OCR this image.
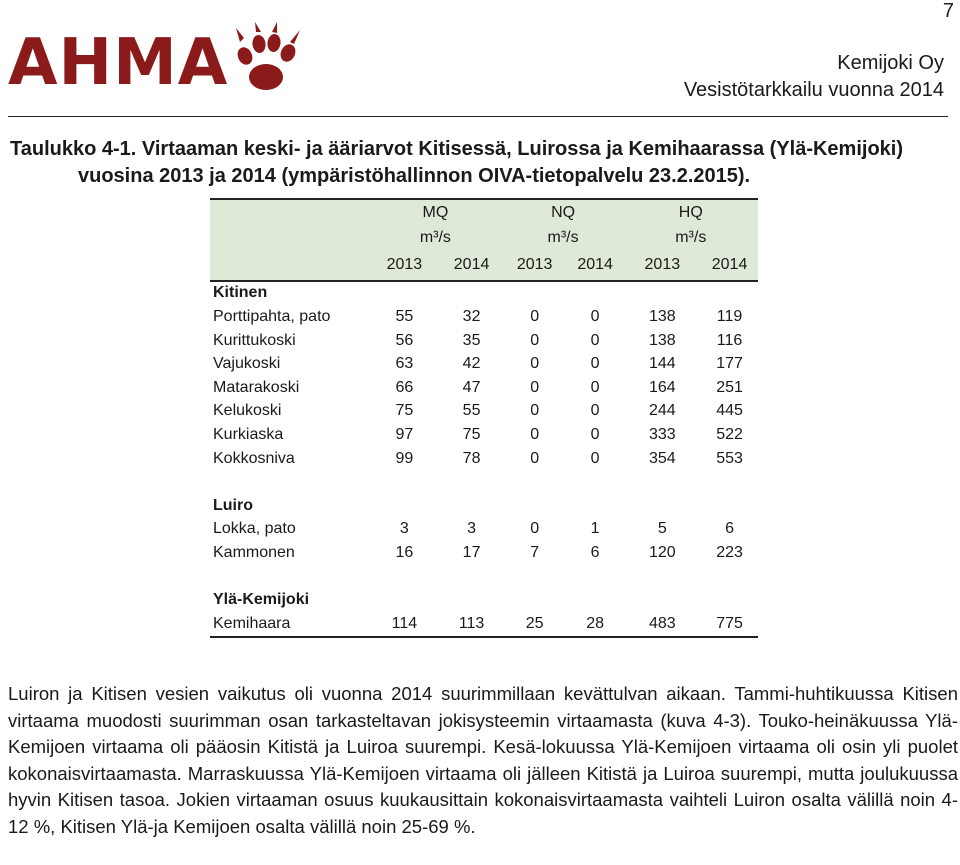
7
AHMA	Kemijoki Oy
Vesistötarkkailu vuonna 2014
Taulukko 4-1. Virtaaman keski- ja ääriarvot Kitisessä, Luirossa ja Kemihaarassa (Ylä-Kemijoki)
vuosina 2013 ja 2014 (ympäristöhallinnon OIVA-tietopalvelu 23.2.2015).
	MQ		NQ		HQ	
	m³/s		m³/s		m³/s	
	2013	2014	2013	2014	2013	2014
Kitinen						
Porttipahta, pato	55	32	0	0	138	119
Kurittukoski	56	35	0	0	138	116
Vajukoski	63	42	0	0	144	177
Matarakoski	66	47	0	0	164	251
Kelukoski	75	55	0	0	244	445
Kurkiaska	97	75	0	0	333	522
Kokkosniva	99	78	0	0	354	553

Luiro						
Lokka, pato	3	3	0	1	5	6
Kammonen	16	17	7	6	120	223

Ylä-Kemijoki						
Kemihaara	114	113	25	28	483	775
Luiron ja Kitisen vesien vaikutus oli vuonna 2014 suurimmillaan kevättulvan aikaan. Tammi-huhtikuussa Kitisen virtaama muodosti suurimman osan tarkasteltavan jokisysteemin virtaamasta (kuva 4-3). Touko-heinäkuussa Ylä-Kemijoen virtaama oli pääosin Kitistä ja Luiroa suurempi. Kesä-lokuussa Ylä-Kemijoen virtaama oli osin yli puolet kokonaisvirtaamasta. Marraskuussa Ylä-Kemijoen virtaama oli jälleen Kitistä ja Luiroa suurempi, mutta joulukuussa hyvin Kitisen tasoa. Jokien virtaaman osuus kuukausittain kokonaisvirtaamasta vaihteli Luiron osalta välillä noin 4-12 %, Kitisen Ylä-ja Kemijoen osalta välillä noin 25-69 %.
